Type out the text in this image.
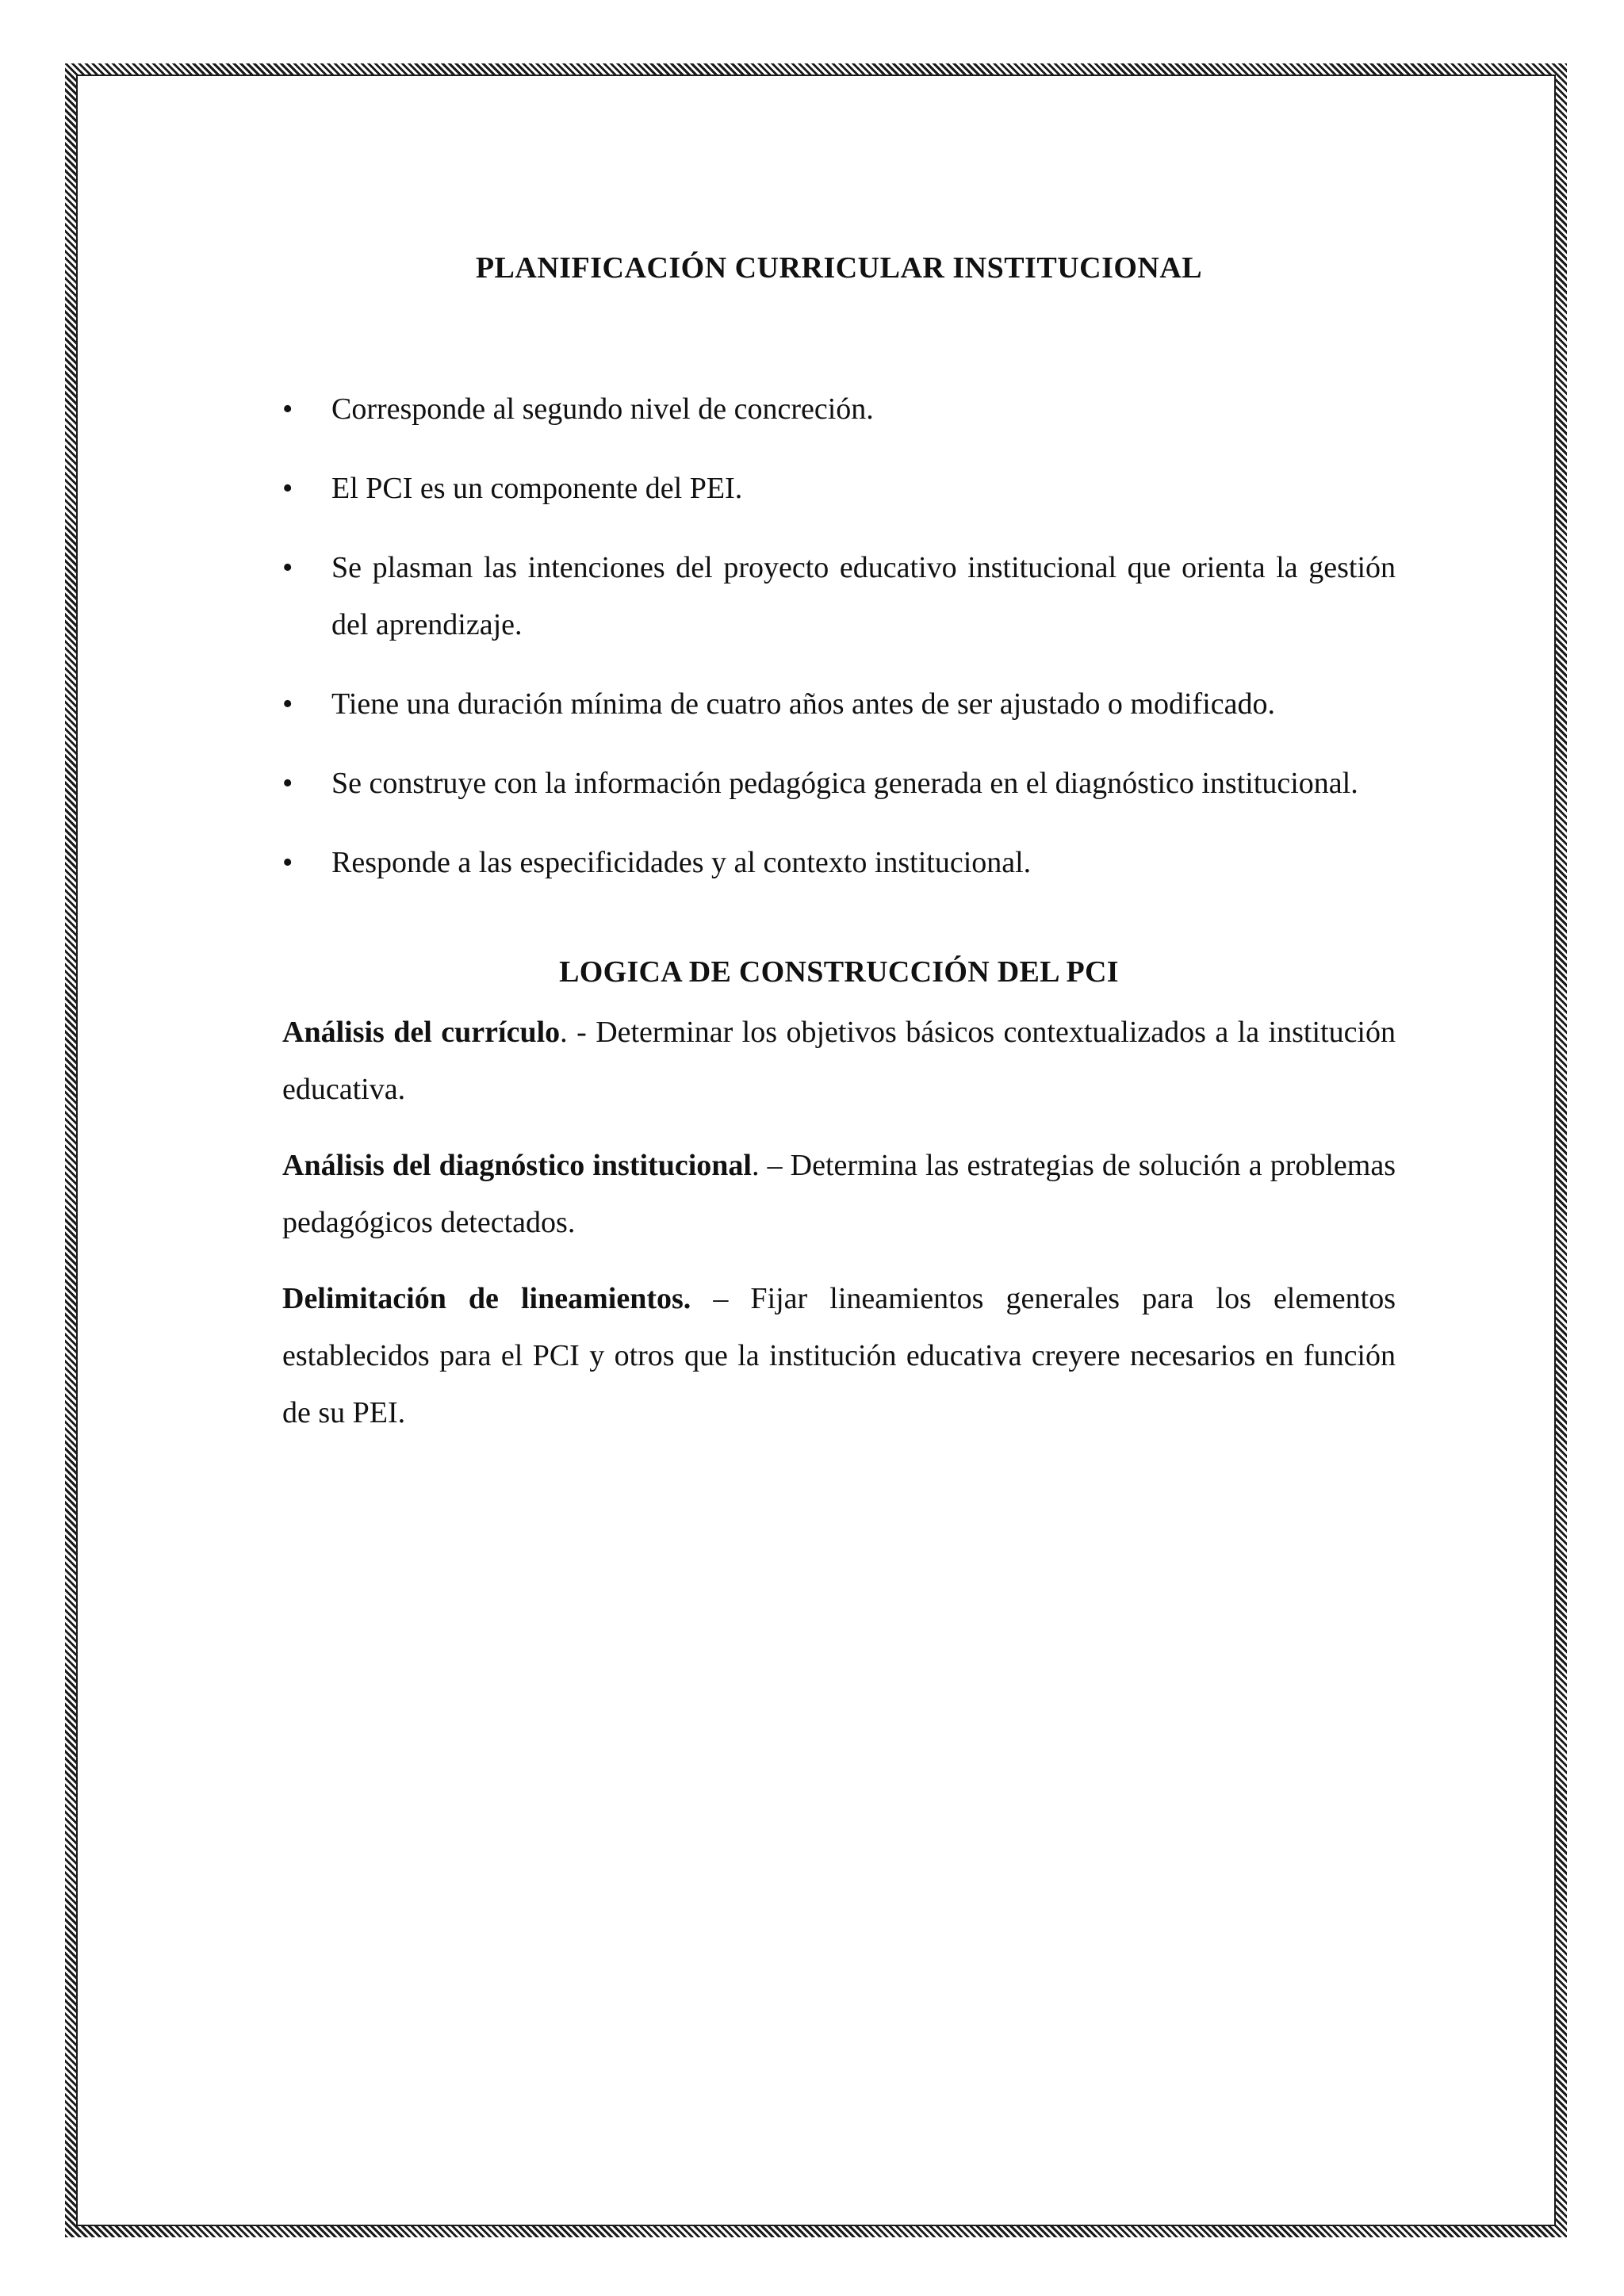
PLANIFICACIÓN CURRICULAR INSTITUCIONAL
• Corresponde al segundo nivel de concreción.
• El PCI es un componente del PEI.
• Se plasman las intenciones del proyecto educativo institucional que orienta la gestión del aprendizaje.
• Tiene una duración mínima de cuatro años antes de ser ajustado o modificado.
• Se construye con la información pedagógica generada en el diagnóstico institucional.
• Responde a las especificidades y al contexto institucional.
LOGICA DE CONSTRUCCIÓN DEL PCI

Análisis del currículo. - Determinar los objetivos básicos contextualizados a la institución educativa.

Análisis del diagnóstico institucional. – Determina las estrategias de solución a problemas pedagógicos detectados.

Delimitación de lineamientos. – Fijar lineamientos generales para los elementos establecidos para el PCI y otros que la institución educativa creyere necesarios en función de su PEI.
